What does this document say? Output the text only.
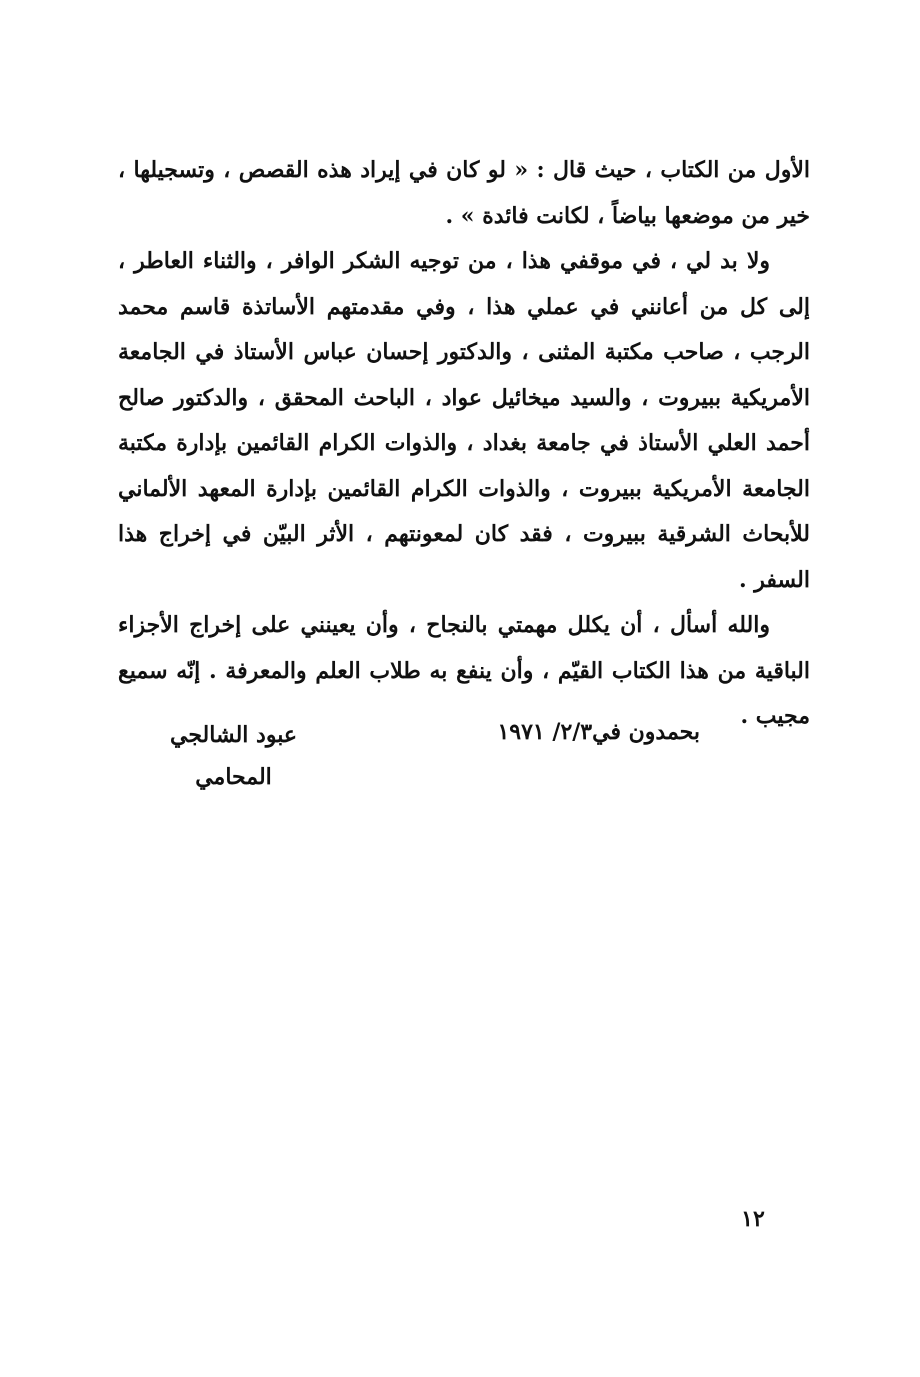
الأول من الكتاب ، حيث قال : « لو كان في إيراد هذه القصص ، وتسجيلها ، خير من موضعها بياضاً ، لكانت فائدة » .

ولا بد لي ، في موقفي هذا ، من توجيه الشكر الوافر ، والثناء العاطر ، إلى كل من أعانني في عملي هذا ، وفي مقدمتهم الأساتذة قاسم محمد الرجب ، صاحب مكتبة المثنى ، والدكتور إحسان عباس الأستاذ في الجامعة الأمريكية ببيروت ، والسيد ميخائيل عواد ، الباحث المحقق ، والدكتور صالح أحمد العلي الأستاذ في جامعة بغداد ، والذوات الكرام القائمين بإدارة مكتبة الجامعة الأمريكية ببيروت ، والذوات الكرام القائمين بإدارة المعهد الألماني للأبحاث الشرقية ببيروت ، فقد كان لمعونتهم ، الأثر البيّن في إخراج هذا السفر .

والله أسأل ، أن يكلل مهمتي بالنجاح ، وأن يعينني على إخراج الأجزاء الباقية من هذا الكتاب القيّم ، وأن ينفع به طلاب العلم والمعرفة . إنّه سميع مجيب .

بحمدون في٢/٣/ ١٩٧١
عبود الشالجي
المحامي
١٢
